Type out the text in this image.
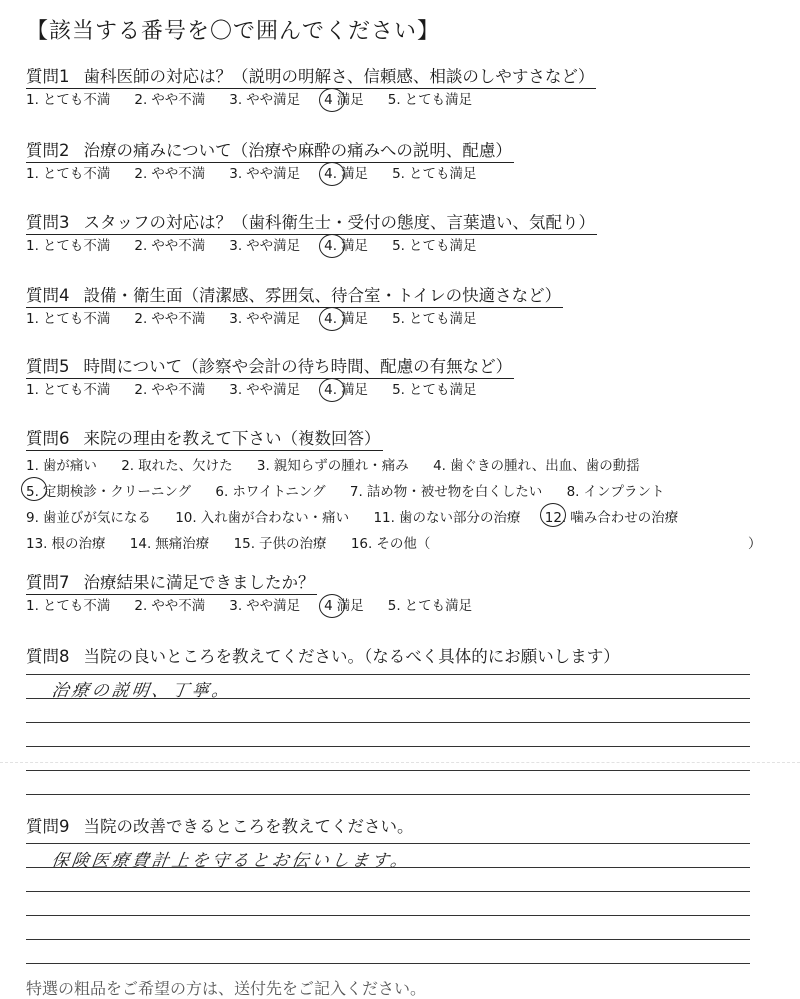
【該当する番号を〇で囲んでください】
質問1 歯科医師の対応は？（説明の明解さ、信頼感、相談のしやすさなど）
1. とても不満 2. やや不満 3. やや満足 4 満足 5. とても満足
質問2 治療の痛みについて（治療や麻酔の痛みへの説明、配慮）
1. とても不満 2. やや不満 3. やや満足 4. 満足 5. とても満足
質問3 スタッフの対応は？（歯科衛生士・受付の態度、言葉遣い、気配り）
1. とても不満 2. やや不満 3. やや満足 4. 満足 5. とても満足
質問4 設備・衛生面（清潔感、雰囲気、待合室・トイレの快適さなど）
1. とても不満 2. やや不満 3. やや満足 4. 満足 5. とても満足
質問5 時間について（診察や会計の待ち時間、配慮の有無など）
1. とても不満 2. やや不満 3. やや満足 4. 満足 5. とても満足
質問6 来院の理由を教えて下さい（複数回答）
1. 歯が痛い 2. 取れた、欠けた 3. 親知らずの腫れ・痛み 4. 歯ぐきの腫れ、出血、歯の動揺
5. 定期検診・クリーニング 6. ホワイトニング 7. 詰め物・被せ物を白くしたい 8. インプラント
9. 歯並びが気になる 10. 入れ歯が合わない・痛い 11. 歯のない部分の治療 12. 噛み合わせの治療
13. 根の治療 14. 無痛治療 15. 子供の治療 16. その他（	）
質問7 治療結果に満足できましたか？
1. とても不満 2. やや不満 3. やや満足 4 満足 5. とても満足
質問8 当院の良いところを教えてください。（なるべく具体的にお願いします）
治療の説明、丁寧。
質問9 当院の改善できるところを教えてください。
保険医療費計上を守るとお伝いします。
特選の粗品をご希望の方は、送付先をご記入ください。
